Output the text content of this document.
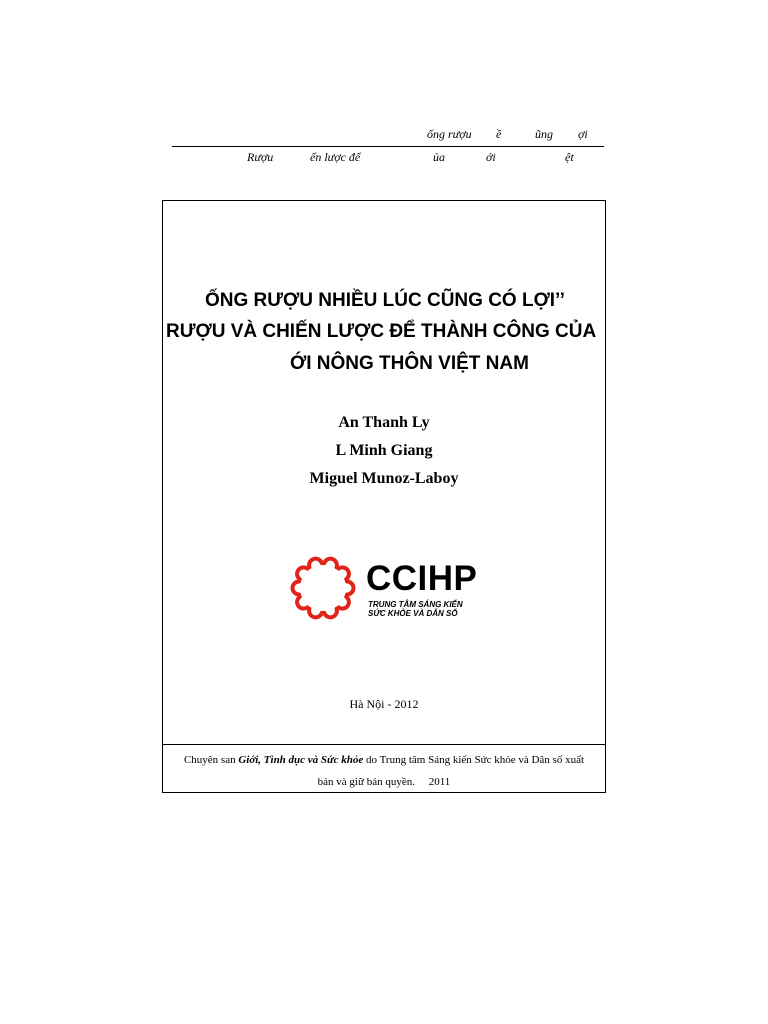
ống rượu ề	ũng ợi
Rượu	ến lược để	ủa	ới	ệt
ỐNG RƯỢU NHIỀU LÚC CŨNG CÓ LỢI’’
RƯỢU VÀ CHIẾN LƯỢC ĐỂ THÀNH CÔNG CỦA
ỚI NÔNG THÔN VIỆT NAM
An Thanh Ly
L Minh Giang
Miguel Munoz-Laboy
CCIHP
TRUNG TÂM SÁNG KIẾN
SỨC KHỎE VÀ DÂN SỐ
Hà Nội - 2012
Chuyên san Giới, Tình dục và Sức khỏe do Trung tâm Sáng kiến Sức khỏe và Dân số xuất
bản và giữ bản quyền.     2011
